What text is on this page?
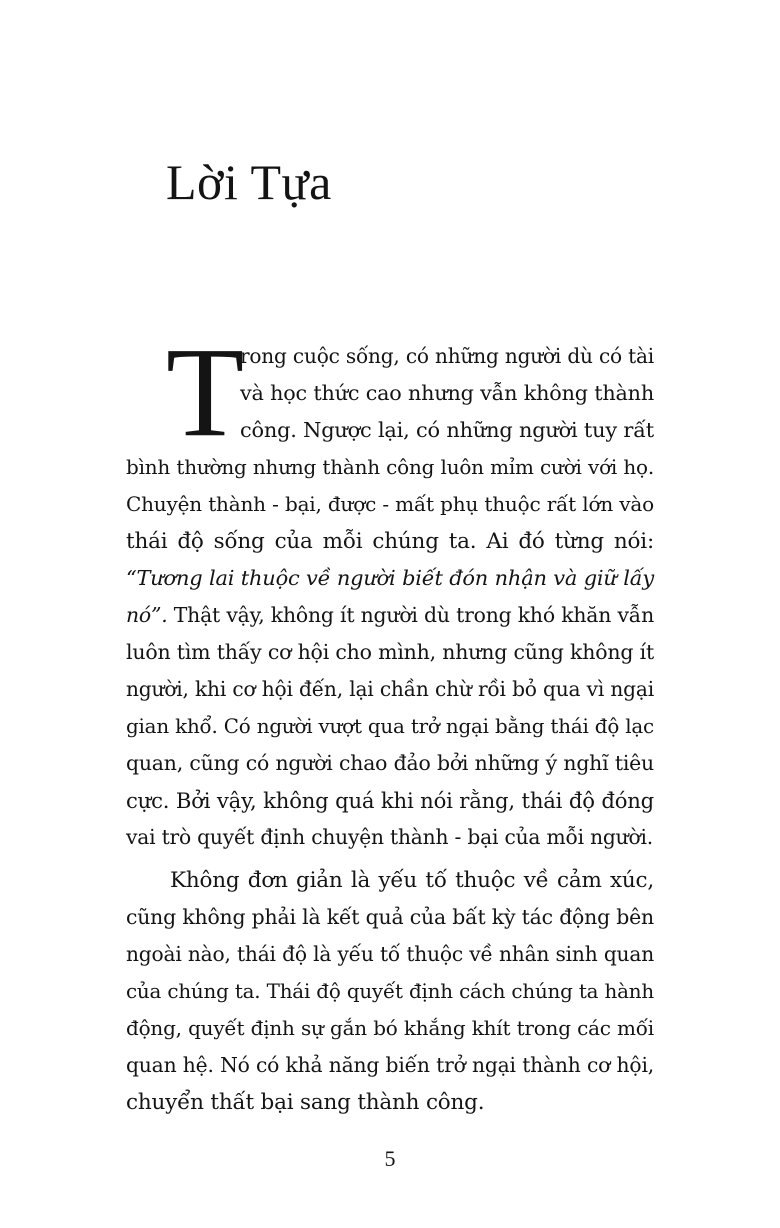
Lời Tựa
T
rong cuộc sống, có những người dù có tài
và học thức cao nhưng vẫn không thành
công. Ngược lại, có những người tuy rất
bình thường nhưng thành công luôn mỉm cười với họ.
Chuyện thành - bại, được - mất phụ thuộc rất lớn vào
thái độ sống của mỗi chúng ta. Ai đó từng nói:
“Tương lai thuộc về người biết đón nhận và giữ lấy
nó”. Thật vậy, không ít người dù trong khó khăn vẫn
luôn tìm thấy cơ hội cho mình, nhưng cũng không ít
người, khi cơ hội đến, lại chần chừ rồi bỏ qua vì ngại
gian khổ. Có người vượt qua trở ngại bằng thái độ lạc
quan, cũng có người chao đảo bởi những ý nghĩ tiêu
cực. Bởi vậy, không quá khi nói rằng, thái độ đóng
vai trò quyết định chuyện thành - bại của mỗi người.
Không đơn giản là yếu tố thuộc về cảm xúc,
cũng không phải là kết quả của bất kỳ tác động bên
ngoài nào, thái độ là yếu tố thuộc về nhân sinh quan
của chúng ta. Thái độ quyết định cách chúng ta hành
động, quyết định sự gắn bó khắng khít trong các mối
quan hệ. Nó có khả năng biến trở ngại thành cơ hội,
chuyển thất bại sang thành công.
5
